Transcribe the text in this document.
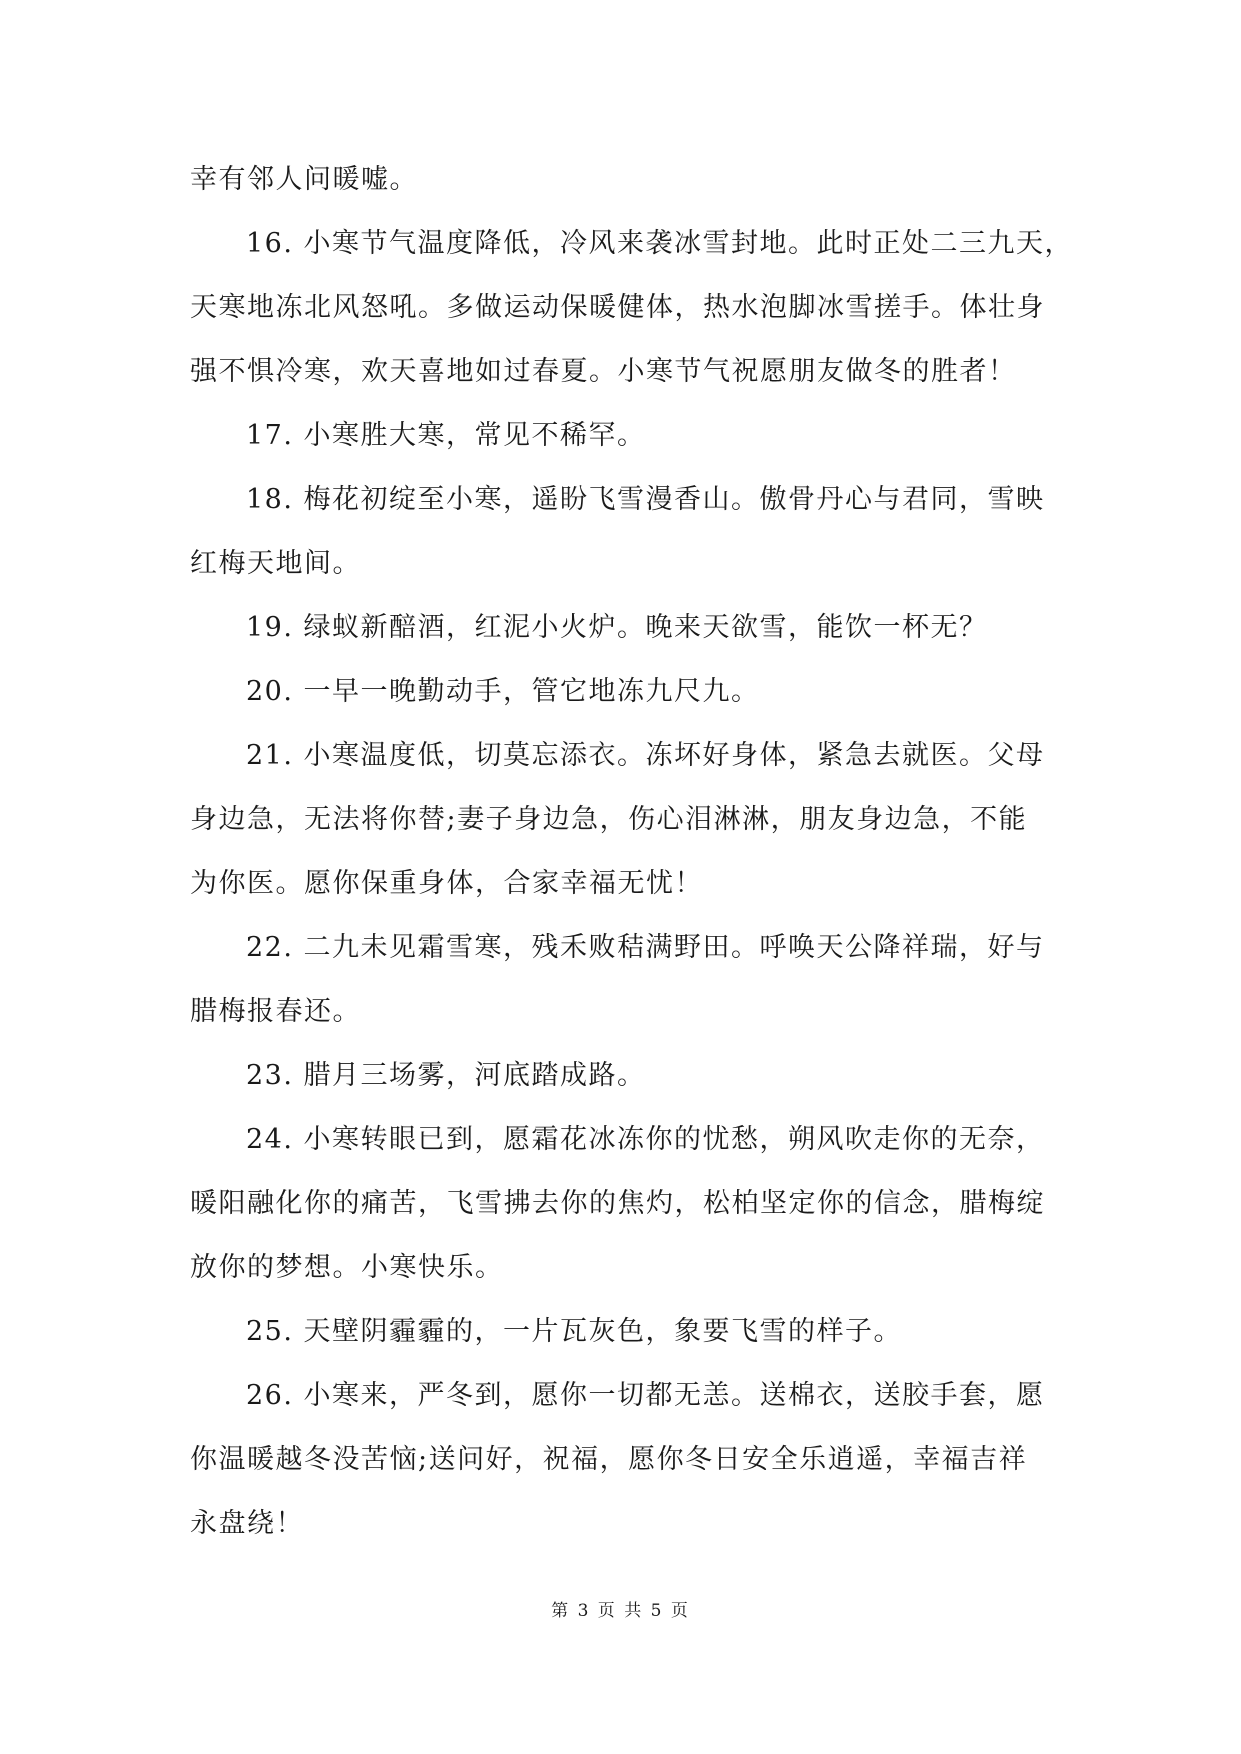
幸有邻人问暖嘘。
16. 小寒节气温度降低，冷风来袭冰雪封地。此时正处二三九天，
天寒地冻北风怒吼。多做运动保暖健体，热水泡脚冰雪搓手。体壮身
强不惧冷寒，欢天喜地如过春夏。小寒节气祝愿朋友做冬的胜者！
17. 小寒胜大寒，常见不稀罕。
18. 梅花初绽至小寒，遥盼飞雪漫香山。傲骨丹心与君同，雪映
红梅天地间。
19. 绿蚁新醅酒，红泥小火炉。晚来天欲雪，能饮一杯无？
20. 一早一晚勤动手，管它地冻九尺九。
21. 小寒温度低，切莫忘添衣。冻坏好身体，紧急去就医。父母
身边急，无法将你替;妻子身边急，伤心泪淋淋，朋友身边急，不能
为你医。愿你保重身体，合家幸福无忧！
22. 二九未见霜雪寒，残禾败秸满野田。呼唤天公降祥瑞，好与
腊梅报春还。
23. 腊月三场雾，河底踏成路。
24. 小寒转眼已到，愿霜花冰冻你的忧愁，朔风吹走你的无奈，
暖阳融化你的痛苦，飞雪拂去你的焦灼，松柏坚定你的信念，腊梅绽
放你的梦想。小寒快乐。
25. 天壁阴霾霾的，一片瓦灰色，象要飞雪的样子。
26. 小寒来，严冬到，愿你一切都无恙。送棉衣，送胶手套，愿
你温暖越冬没苦恼;送问好，祝福，愿你冬日安全乐逍遥，幸福吉祥
永盘绕！
第 3 页 共 5 页
